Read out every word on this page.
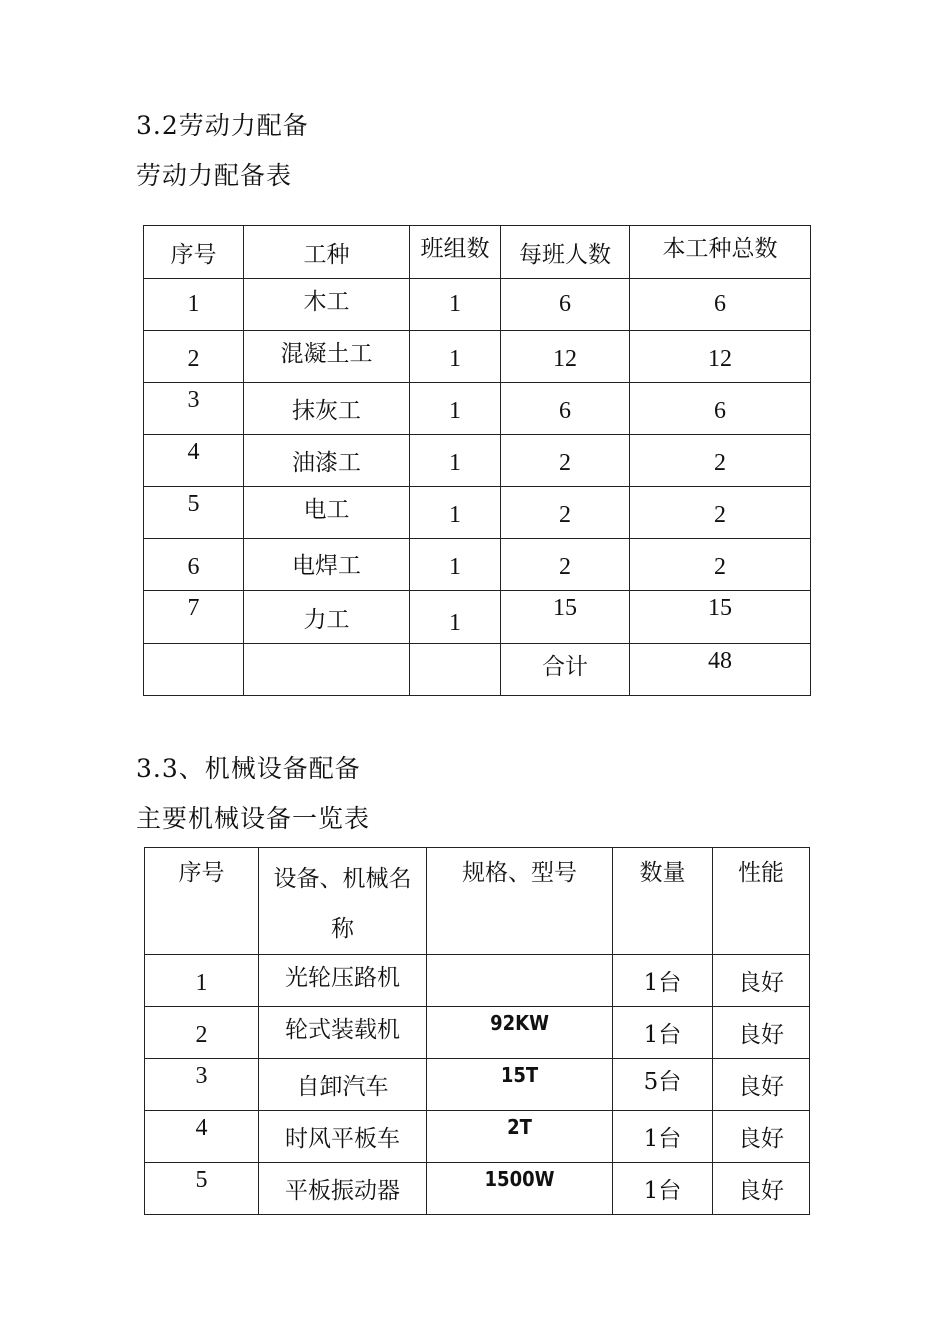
3.2劳动力配备
劳动力配备表
序号	工种	班组数	每班人数	本工种总数
1	木工	1	6	6
2	混凝土工	1	12	12
3	抹灰工	1	6	6
4	油漆工	1	2	2
5	电工	1	2	2
6	电焊工	1	2	2
7	力工	1	15	15
			合计	48
3.3、机械设备配备
主要机械设备一览表
序号	设备、机械名称	规格、型号	数量	性能
1	光轮压路机		1台	良好
2	轮式装载机	92KW	1台	良好
3	自卸汽车	15T	5台	良好
4	时风平板车	2T	1台	良好
5	平板振动器	1500W	1台	良好
